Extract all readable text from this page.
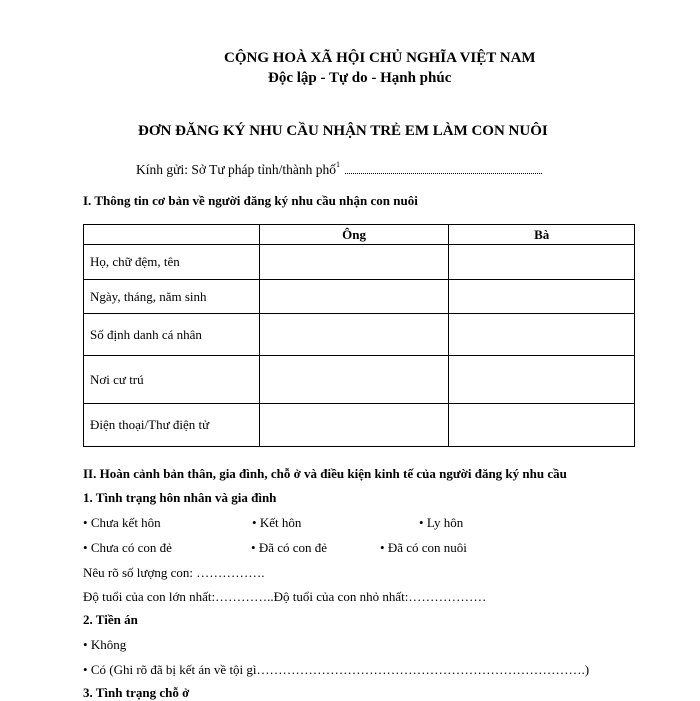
CỘNG HOÀ XÃ HỘI CHỦ NGHĨA VIỆT NAM
Độc lập - Tự do - Hạnh phúc
ĐƠN ĐĂNG KÝ NHU CẦU NHẬN TRẺ EM LÀM CON NUÔI
Kính gửi: Sở Tư pháp tỉnh/thành phố$^1$
I. Thông tin cơ bản về người đăng ký nhu cầu nhận con nuôi
	Ông	Bà
Họ, chữ đệm, tên		
Ngày, tháng, năm sinh		
Số định danh cá nhân		
Nơi cư trú		
Điện thoại/Thư điện tử		
II. Hoàn cảnh bản thân, gia đình, chỗ ở và điều kiện kinh tế của người đăng ký nhu cầu
1. Tình trạng hôn nhân và gia đình
• Chưa kết hôn	• Kết hôn	• Ly hôn
• Chưa có con đẻ	• Đã có con đẻ	• Đã có con nuôi
Nêu rõ số lượng con: …………….
Độ tuổi của con lớn nhất:…………..Độ tuổi của con nhỏ nhất:………………
2. Tiền án
• Không
• Có (Ghi rõ đã bị kết án về tội gì………………………………………………………………….)
3. Tình trạng chỗ ở
